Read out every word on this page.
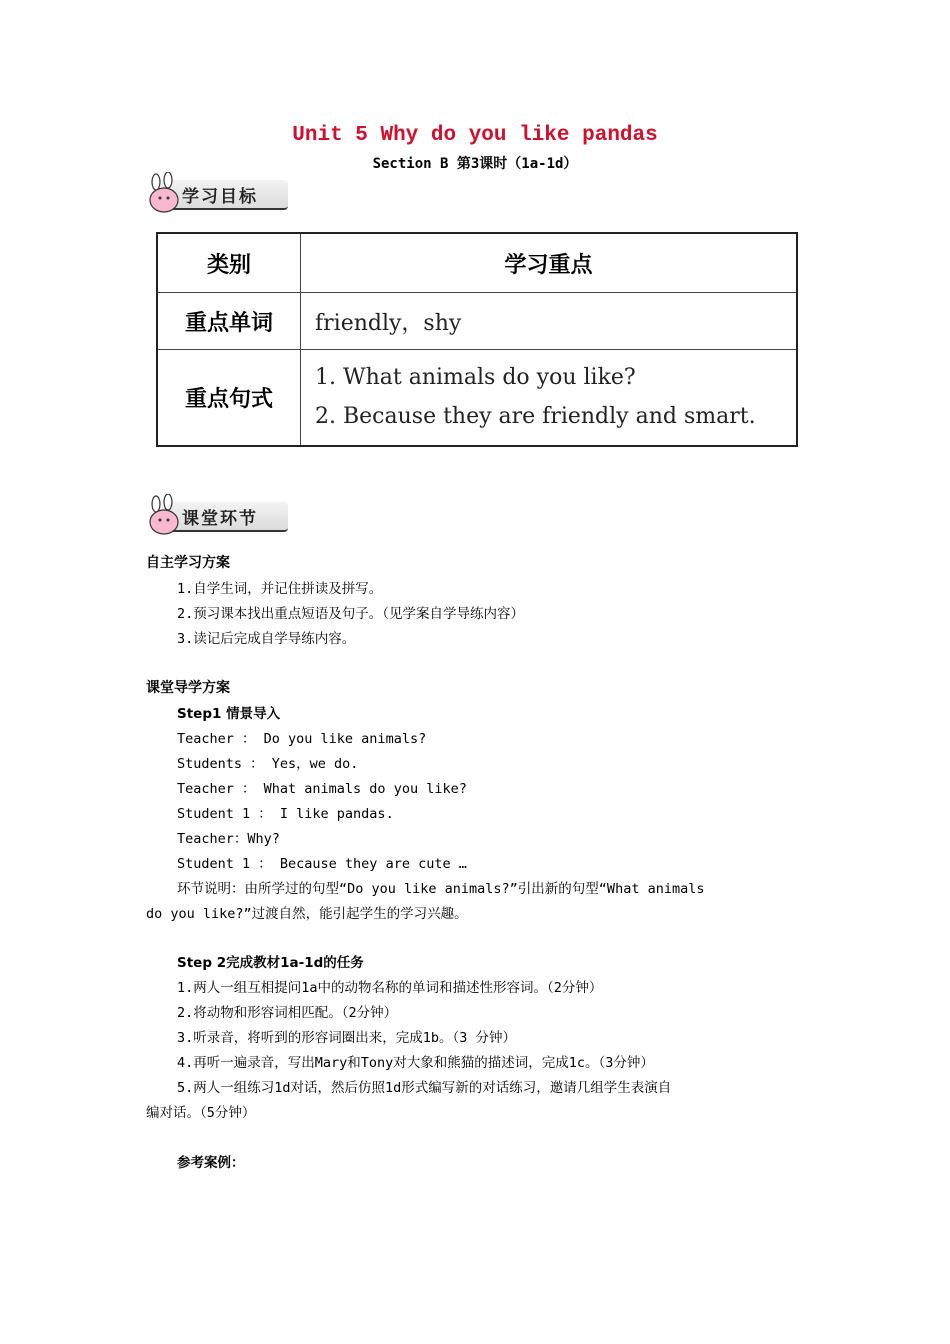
Unit 5 Why do you like pandas
Section B 第3课时（1a-1d）
学习目标
类别	学习重点
重点单词	friendly，shy
重点句式	1. What animals do you like?
2. Because they are friendly and smart.
课堂环节
自主学习方案
1.自学生词，并记住拼读及拼写。
2.预习课本找出重点短语及句子。（见学案自学导练内容）
3.读记后完成自学导练内容。
课堂导学方案
Step1 情景导入
Teacher ： Do you like animals?
Students ： Yes，we do.
Teacher ： What animals do you like?
Student 1 ： I like pandas.
Teacher：Why?
Student 1 ： Because they are cute …
环节说明：由所学过的句型“Do you like animals?”引出新的句型“What animals
do you like?”过渡自然，能引起学生的学习兴趣。
Step 2完成教材1a-1d的任务
1.两人一组互相提问1a中的动物名称的单词和描述性形容词。（2分钟）
2.将动物和形容词相匹配。（2分钟）
3.听录音，将听到的形容词圈出来，完成1b。（3 分钟）
4.再听一遍录音，写出Mary和Tony对大象和熊猫的描述词，完成1c。（3分钟）
5.两人一组练习1d对话，然后仿照1d形式编写新的对话练习，邀请几组学生表演自
编对话。（5分钟）
参考案例：
